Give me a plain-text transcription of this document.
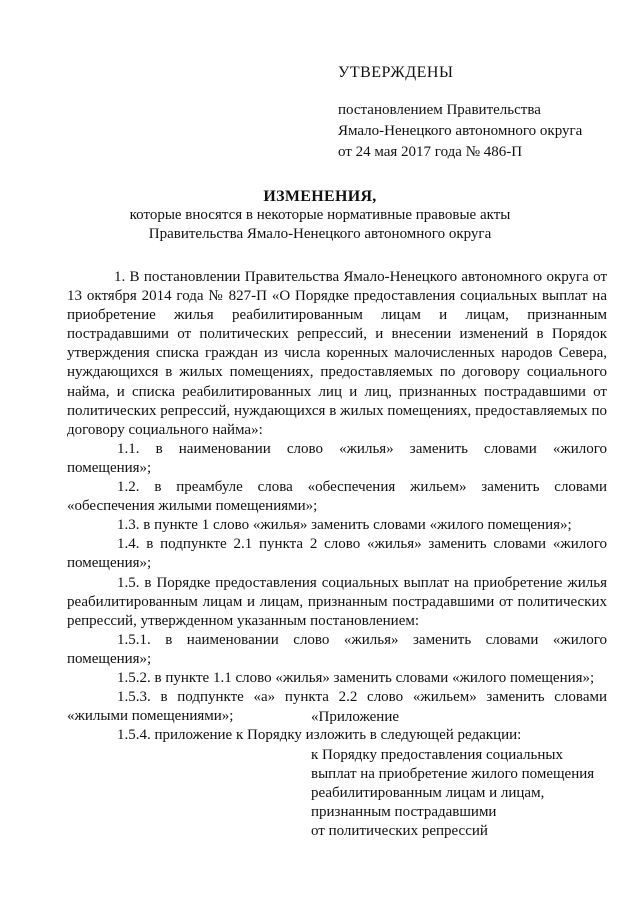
УТВЕРЖДЕНЫ
постановлением Правительства
Ямало-Ненецкого автономного округа
от 24 мая 2017 года № 486-П
ИЗМЕНЕНИЯ,
которые вносятся в некоторые нормативные правовые акты
Правительства Ямало-Ненецкого автономного округа
1. В постановлении Правительства Ямало-Ненецкого автономного округа от 13 октября 2014 года № 827-П «О Порядке предоставления социальных выплат на приобретение жилья реабилитированным лицам и лицам, признанным пострадавшими от политических репрессий, и внесении изменений в Порядок утверждения списка граждан из числа коренных малочисленных народов Севера, нуждающихся в жилых помещениях, предоставляемых по договору социального найма, и списка реабилитированных лиц и лиц, признанных пострадавшими от политических репрессий, нуждающихся в жилых помещениях, предоставляемых по договору социального найма»:
1.1. в наименовании слово «жилья» заменить словами «жилого помещения»;
1.2. в преамбуле слова «обеспечения жильем» заменить словами «обеспечения жилыми помещениями»;
1.3. в пункте 1 слово «жилья» заменить словами «жилого помещения»;
1.4. в подпункте 2.1 пункта 2 слово «жилья» заменить словами «жилого помещения»;
1.5. в Порядке предоставления социальных выплат на приобретение жилья реабилитированным лицам и лицам, признанным пострадавшими от политических репрессий, утвержденном указанным постановлением:
1.5.1. в наименовании слово «жилья» заменить словами «жилого помещения»;
1.5.2. в пункте 1.1 слово «жилья» заменить словами «жилого помещения»;
1.5.3. в подпункте «а» пункта 2.2 слово «жильем» заменить словами «жилыми помещениями»;
1.5.4. приложение к Порядку изложить в следующей редакции:
«Приложение
к Порядку предоставления социальных
выплат на приобретение жилого помещения
реабилитированным лицам и лицам,
признанным пострадавшими
от политических репрессий
